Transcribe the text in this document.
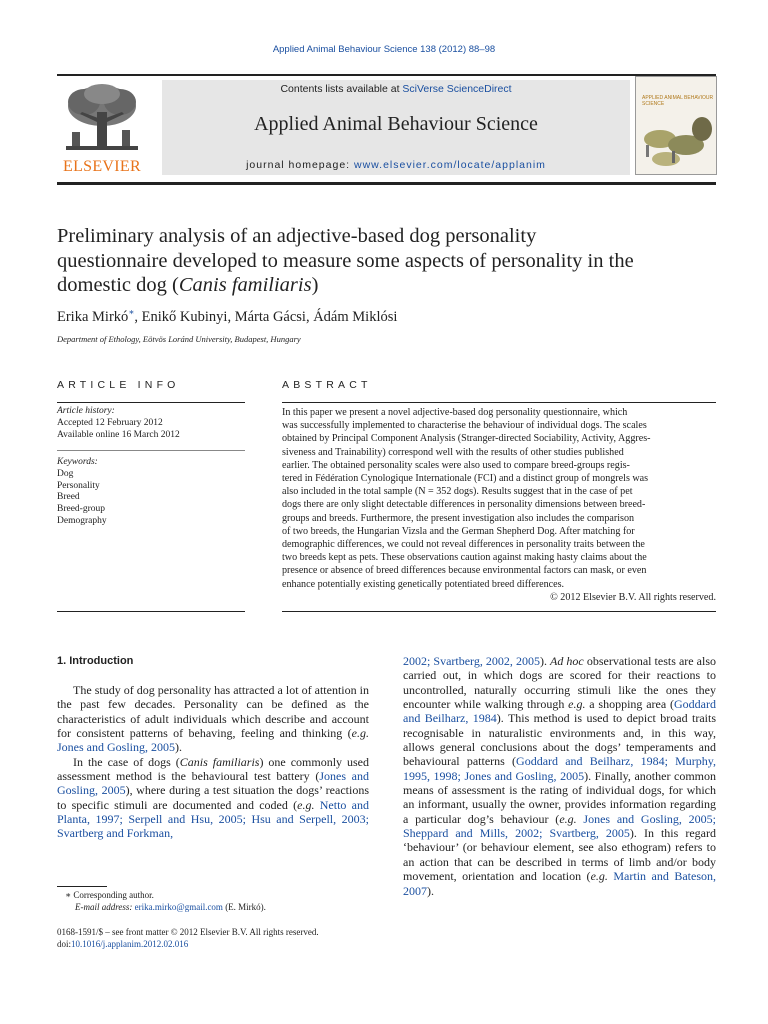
Applied Animal Behaviour Science 138 (2012) 88–98
ELSEVIER
Contents lists available at SciVerse ScienceDirect
Applied Animal Behaviour Science
journal homepage: www.elsevier.com/locate/applanim
APPLIED ANIMAL BEHAVIOUR SCIENCE
Preliminary analysis of an adjective-based dog personality
questionnaire developed to measure some aspects of personality in the
domestic dog (Canis familiaris)
Erika Mirkó∗, Enikő Kubinyi, Márta Gácsi, Ádám Miklósi
Department of Ethology, Eötvös Loránd University, Budapest, Hungary
ARTICLE INFO
Article history:
Accepted 12 February 2012
Available online 16 March 2012
Keywords:
Dog
Personality
Breed
Breed-group
Demography
ABSTRACT

In this paper we present a novel adjective-based dog personality questionnaire, which

was successfully implemented to characterise the behaviour of individual dogs. The scales

obtained by Principal Component Analysis (Stranger-directed Sociability, Activity, Aggres-

siveness and Trainability) correspond well with the results of other studies published

earlier. The obtained personality scales were also used to compare breed-groups regis-

tered in Fédération Cynologique Internationale (FCI) and a distinct group of mongrels was

also included in the total sample (N = 352 dogs). Results suggest that in the case of pet

dogs there are only slight detectable differences in personality dimensions between breed-

groups and breeds. Furthermore, the present investigation also includes the comparison

of two breeds, the Hungarian Vizsla and the German Shepherd Dog. After matching for

demographic differences, we could not reveal differences in personality traits between the

two breeds kept as pets. These observations caution against making hasty claims about the

presence or absence of breed differences because environmental factors can mask, or even

enhance potentially existing genetically potentiated breed differences.

© 2012 Elsevier B.V. All rights reserved.

1. Introduction

The study of dog personality has attracted a lot of attention in the past few decades. Personality can be defined as the characteristics of adult individuals which describe and account for consistent patterns of behaving, feeling and thinking (e.g. Jones and Gosling, 2005).

In the case of dogs (Canis familiaris) one commonly used assessment method is the behavioural test battery (Jones and Gosling, 2005), where during a test situation the dogs’ reactions to specific stimuli are documented and coded (e.g. Netto and Planta, 1997; Serpell and Hsu, 2005; Hsu and Serpell, 2003; Svartberg and Forkman,

2002; Svartberg, 2002, 2005). Ad hoc observational tests are also carried out, in which dogs are scored for their reactions to uncontrolled, naturally occurring stimuli like the ones they encounter while walking through e.g. a shopping area (Goddard and Beilharz, 1984). This method is used to depict broad traits recognisable in naturalistic environments and, in this way, allows general conclusions about the dogs’ temperaments and behavioural patterns (Goddard and Beilharz, 1984; Murphy, 1995, 1998; Jones and Gosling, 2005). Finally, another common means of assessment is the rating of individual dogs, for which an informant, usually the owner, provides information regarding a particular dog’s behaviour (e.g. Jones and Gosling, 2005; Sheppard and Mills, 2002; Svartberg, 2005). In this regard ‘behaviour’ (or behaviour element, see also ethogram) refers to an action that can be described in terms of limb and/or body movement, orientation and location (e.g. Martin and Bateson, 2007).

∗ Corresponding author.
E-mail address: erika.mirko@gmail.com (E. Mirkó).
0168-1591/$ – see front matter © 2012 Elsevier B.V. All rights reserved.
doi:10.1016/j.applanim.2012.02.016
